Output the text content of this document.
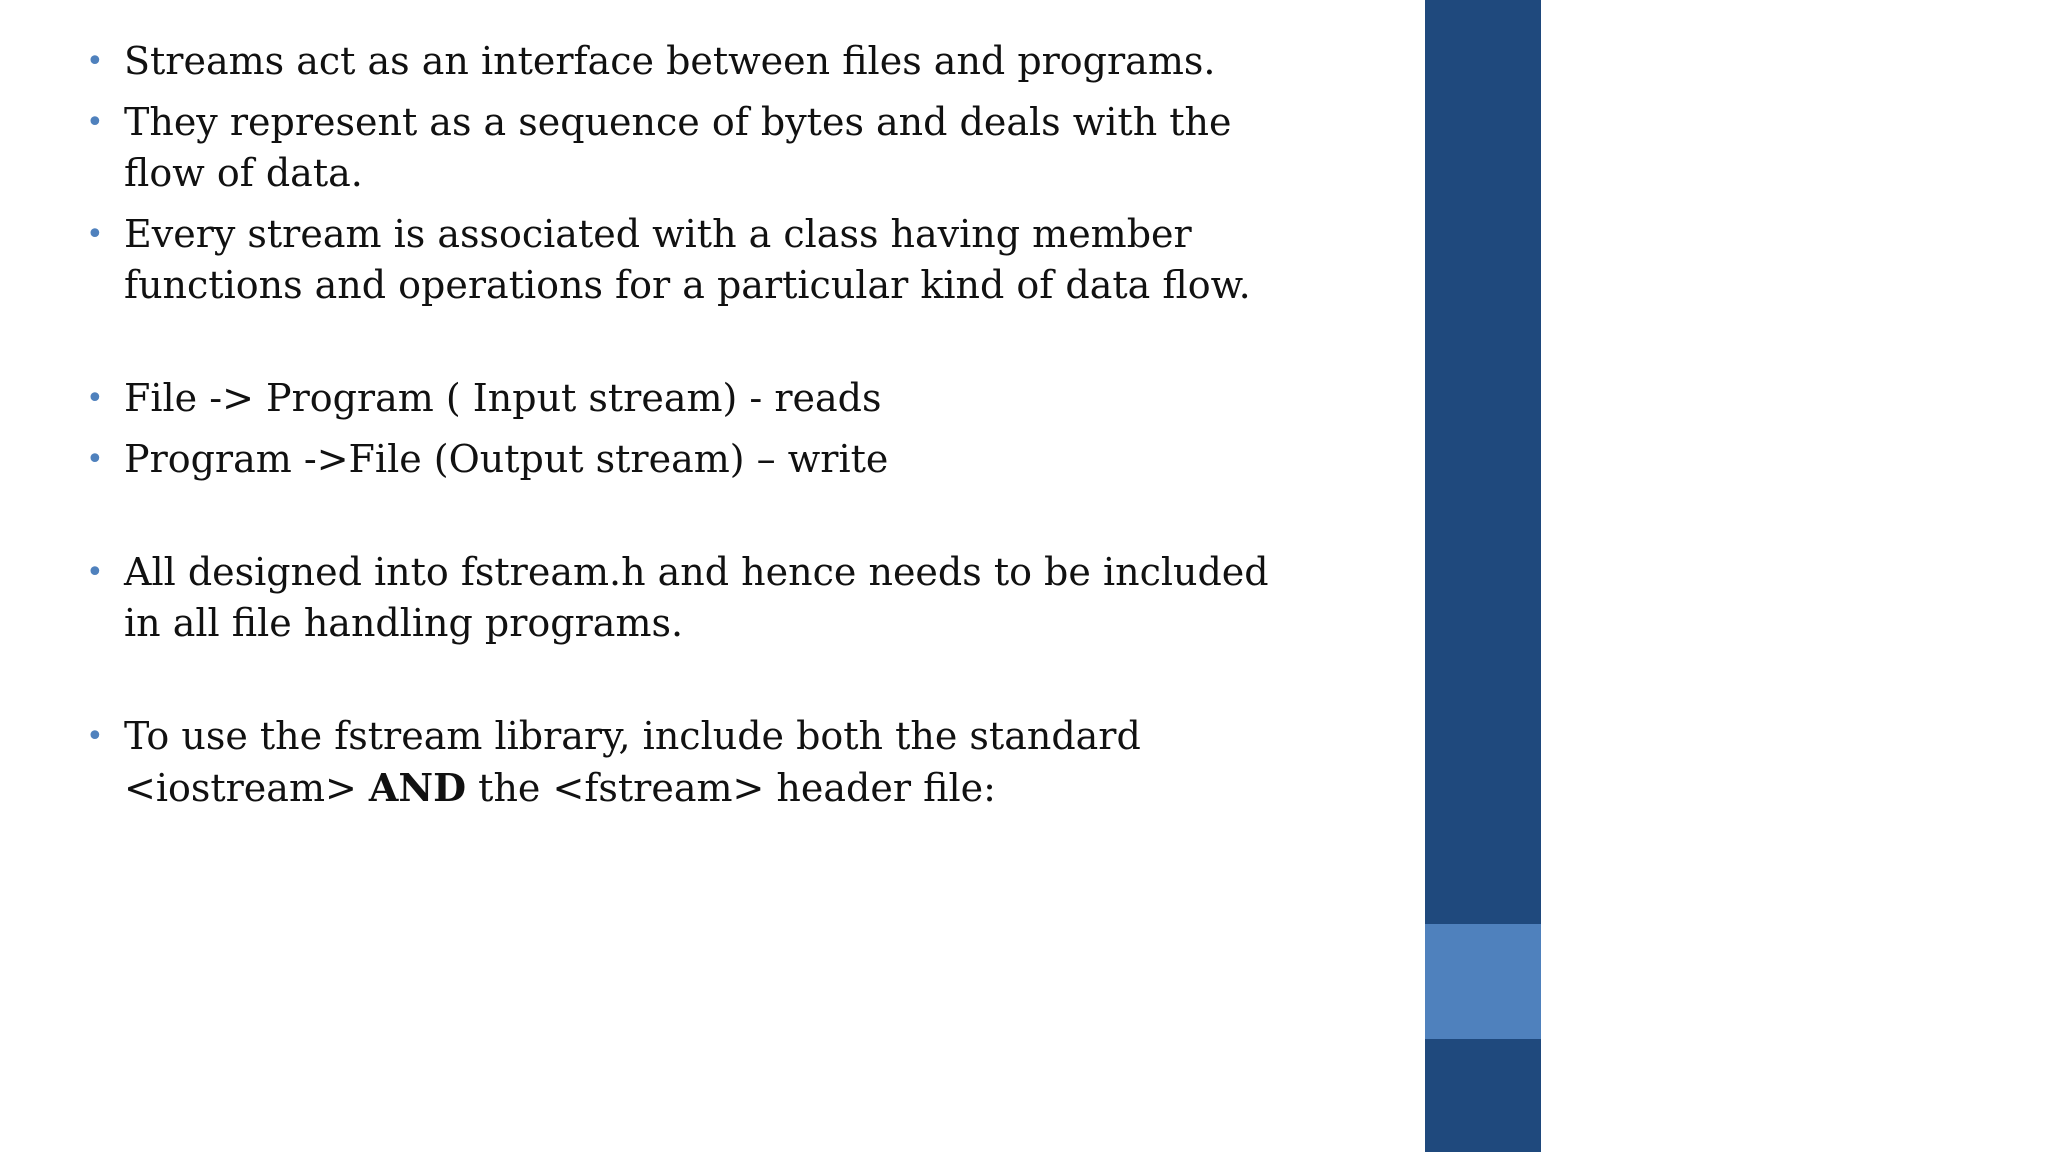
• Streams act as an interface between files and programs.
• They represent as a sequence of bytes and deals with the flow of data.
• Every stream is associated with a class having member functions and operations for a particular kind of data flow.
• File -> Program ( Input stream) - reads
• Program ->File (Output stream) – write
• All designed into fstream.h and hence needs to be included in all file handling programs.
• To use the fstream library, include both the standard <iostream> AND the <fstream> header file:
